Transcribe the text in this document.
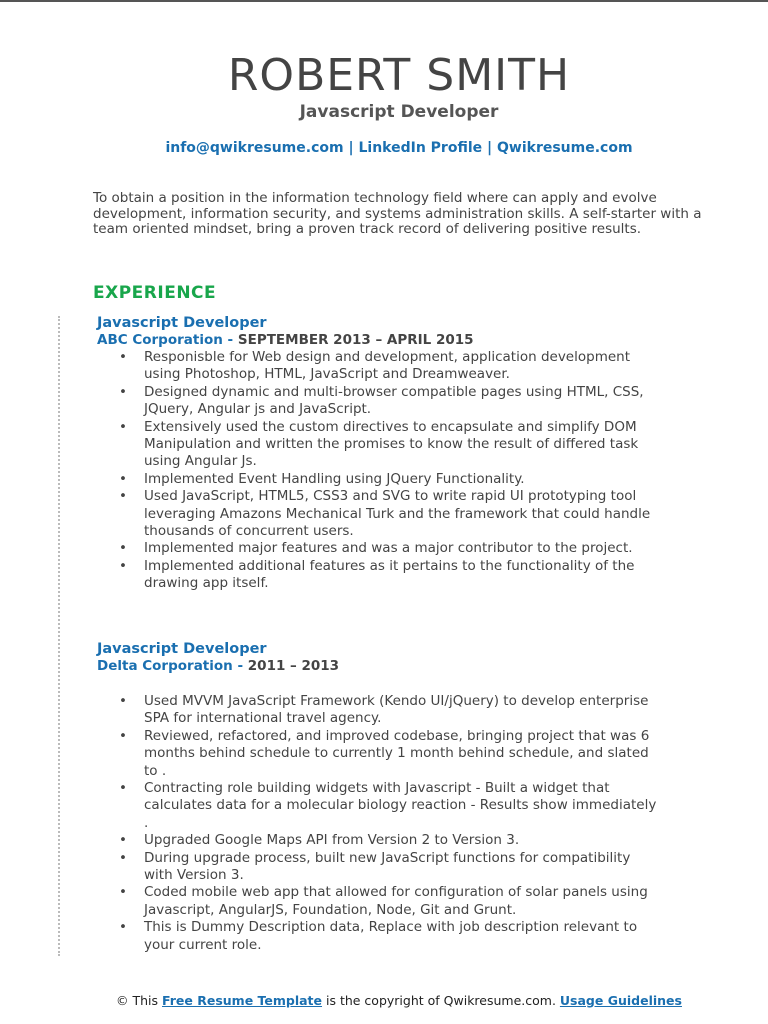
ROBERT SMITH
Javascript Developer
info@qwikresume.com | LinkedIn Profile | Qwikresume.com

To obtain a position in the information technology field where can apply and evolve development, information security, and systems administration skills. A self-starter with a team oriented mindset, bring a proven track record of delivering positive results.

EXPERIENCE
Javascript Developer
ABC Corporation - SEPTEMBER 2013 – APRIL 2015
• Responisble for Web design and development, application development using Photoshop, HTML, JavaScript and Dreamweaver.
• Designed dynamic and multi-browser compatible pages using HTML, CSS, JQuery, Angular js and JavaScript.
• Extensively used the custom directives to encapsulate and simplify DOM Manipulation and written the promises to know the result of differed task using Angular Js.
• Implemented Event Handling using JQuery Functionality.
• Used JavaScript, HTML5, CSS3 and SVG to write rapid UI prototyping tool leveraging Amazons Mechanical Turk and the framework that could handle thousands of concurrent users.
• Implemented major features and was a major contributor to the project.
• Implemented additional features as it pertains to the functionality of the drawing app itself.
Javascript Developer
Delta Corporation - 2011 – 2013
• Used MVVM JavaScript Framework (Kendo UI/jQuery) to develop enterprise SPA for international travel agency.
• Reviewed, refactored, and improved codebase, bringing project that was 6 months behind schedule to currently 1 month behind schedule, and slated to .
• Contracting role building widgets with Javascript - Built a widget that calculates data for a molecular biology reaction - Results show immediately .
• Upgraded Google Maps API from Version 2 to Version 3.
• During upgrade process, built new JavaScript functions for compatibility with Version 3.
• Coded mobile web app that allowed for configuration of solar panels using Javascript, AngularJS, Foundation, Node, Git and Grunt.
• This is Dummy Description data, Replace with job description relevant to your current role.
© This Free Resume Template is the copyright of Qwikresume.com. Usage Guidelines
